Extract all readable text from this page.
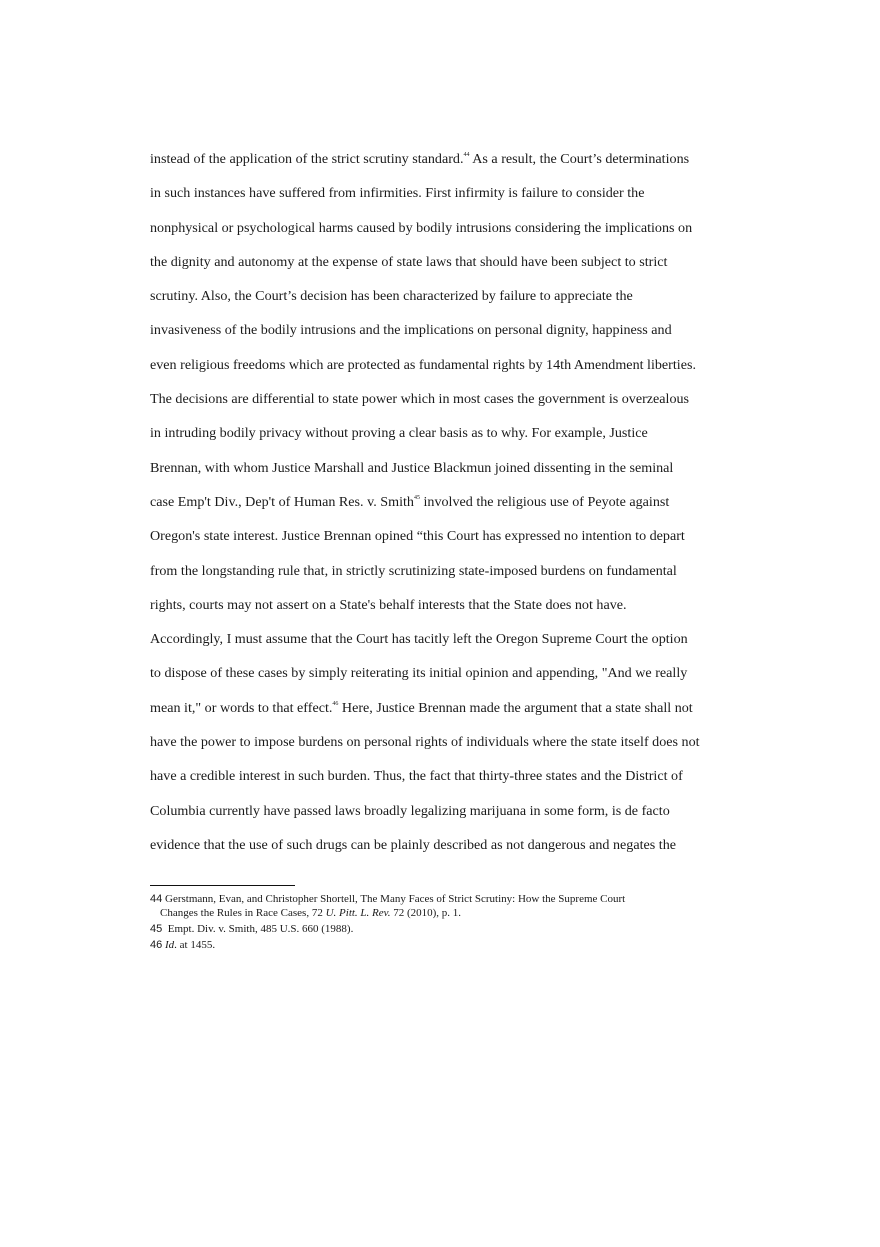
instead of the application of the strict scrutiny standard.$^{44}$ As a result, the Court’s determinations
in such instances have suffered from infirmities. First infirmity is failure to consider the
nonphysical or psychological harms caused by bodily intrusions considering the implications on
the dignity and autonomy at the expense of state laws that should have been subject to strict
scrutiny. Also, the Court’s decision has been characterized by failure to appreciate the
invasiveness of the bodily intrusions and the implications on personal dignity, happiness and
even religious freedoms which are protected as fundamental rights by 14th Amendment liberties.
The decisions are differential to state power which in most cases the government is overzealous
in intruding bodily privacy without proving a clear basis as to why. For example, Justice
Brennan, with whom Justice Marshall and Justice Blackmun joined dissenting in the seminal
case Emp't Div., Dep't of Human Res. v. Smith$^{45}$ involved the religious use of Peyote against
Oregon's state interest. Justice Brennan opined “this Court has expressed no intention to depart
from the longstanding rule that, in strictly scrutinizing state-imposed burdens on fundamental
rights, courts may not assert on a State's behalf interests that the State does not have.
Accordingly, I must assume that the Court has tacitly left the Oregon Supreme Court the option
to dispose of these cases by simply reiterating its initial opinion and appending, "And we really
mean it," or words to that effect.$^{46}$ Here, Justice Brennan made the argument that a state shall not
have the power to impose burdens on personal rights of individuals where the state itself does not
have a credible interest in such burden. Thus, the fact that thirty-three states and the District of
Columbia currently have passed laws broadly legalizing marijuana in some form, is de facto
evidence that the use of such drugs can be plainly described as not dangerous and negates the
44 Gerstmann, Evan, and Christopher Shortell, The Many Faces of Strict Scrutiny: How the Supreme Court
Changes the Rules in Race Cases, 72 U. Pitt. L. Rev. 72 (2010), p. 1.
45  Empt. Div. v. Smith, 485 U.S. 660 (1988).
46 Id. at 1455.
